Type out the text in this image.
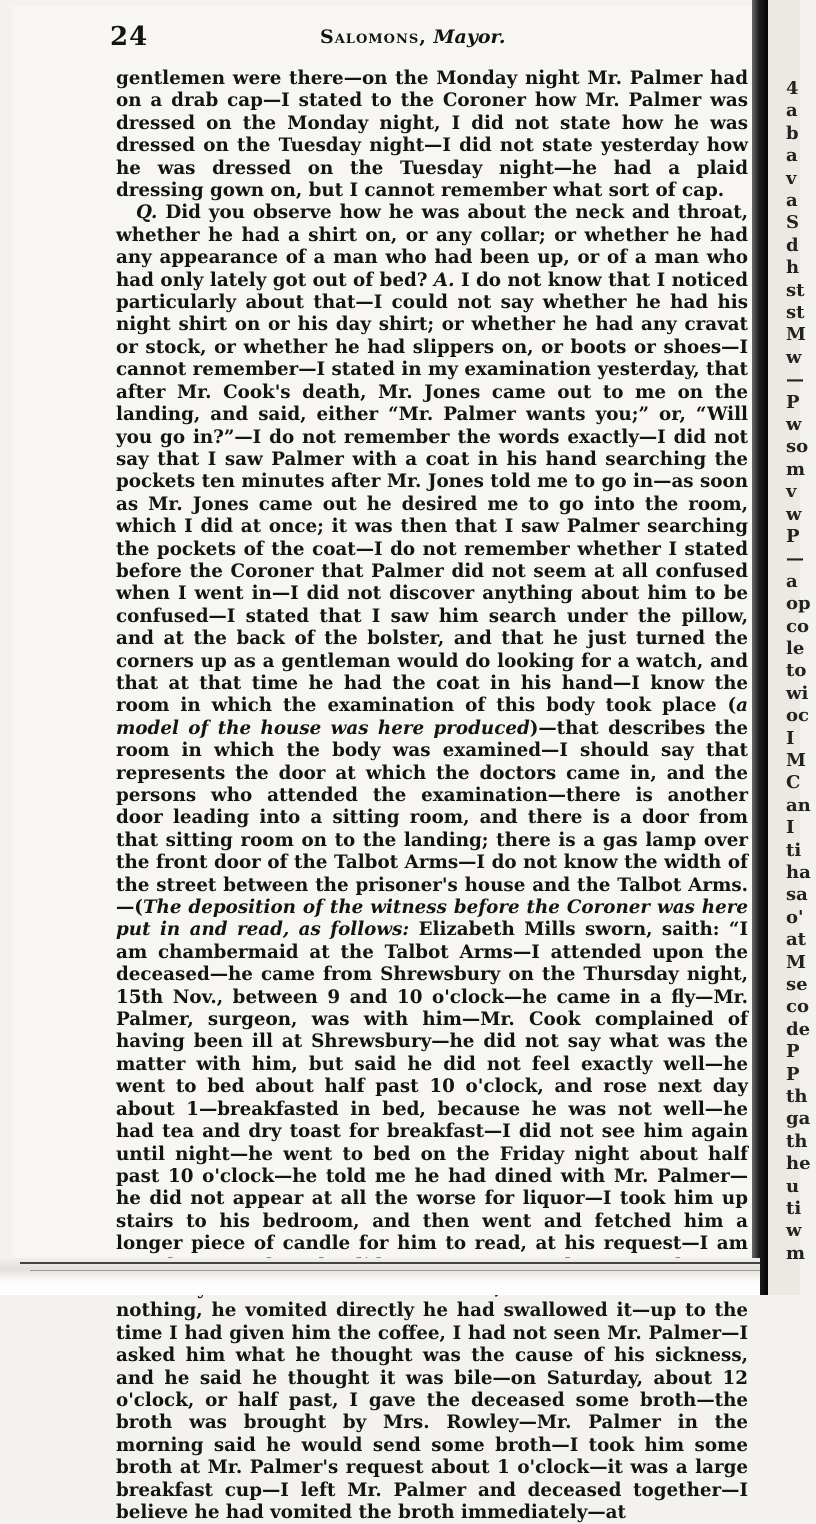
24	Salomons, Mayor.

gentlemen were there—on the Monday night Mr. Palmer had on a drab cap—I stated to the Coroner how Mr. Palmer was dressed on the Monday night, I did not state how he was dressed on the Tuesday night—I did not state yesterday how he was dressed on the Tuesday night—he had a plaid dressing gown on, but I cannot remember what sort of cap.

Q. Did you observe how he was about the neck and throat, whether he had a shirt on, or any collar; or whether he had any appearance of a man who had been up, or of a man who had only lately got out of bed? A. I do not know that I noticed particularly about that—I could not say whether he had his night shirt on or his day shirt; or whether he had any cravat or stock, or whether he had slippers on, or boots or shoes—I cannot remember—I stated in my examination yesterday, that after Mr. Cook's death, Mr. Jones came out to me on the landing, and said, either “Mr. Palmer wants you;” or, “Will you go in?”—I do not remember the words exactly—I did not say that I saw Palmer with a coat in his hand searching the pockets ten minutes after Mr. Jones told me to go in—as soon as Mr. Jones came out he desired me to go into the room, which I did at once; it was then that I saw Palmer searching the pockets of the coat—I do not remember whether I stated before the Coroner that Palmer did not seem at all confused when I went in—I did not discover anything about him to be confused—I stated that I saw him search under the pillow, and at the back of the bolster, and that he just turned the corners up as a gentleman would do looking for a watch, and that at that time he had the coat in his hand—I know the room in which the examination of this body took place (a model of the house was here produced)—that describes the room in which the body was examined—I should say that represents the door at which the doctors came in, and the persons who attended the examination—there is another door leading into a sitting room, and there is a door from that sitting room on to the landing; there is a gas lamp over the front door of the Talbot Arms—I do not know the width of the street between the prisoner's house and the Talbot Arms.—(The deposition of the witness before the Coroner was here put in and read, as follows: Elizabeth Mills sworn, saith: “I am chambermaid at the Talbot Arms—I attended upon the deceased—he came from Shrewsbury on the Thursday night, 15th Nov., between 9 and 10 o'clock—he came in a fly—Mr. Palmer, surgeon, was with him—Mr. Cook complained of having been ill at Shrewsbury—he did not say what was the matter with him, but said he did not feel exactly well—he went to bed about half past 10 o'clock, and rose next day about 1—breakfasted in bed, because he was not well—he had tea and dry toast for breakfast—I did not see him again until night—he went to bed on the Friday night about half past 10 o'clock—he told me he had dined with Mr. Palmer—he did not appear at all the worse for liquor—I took him up stairs to his bedroom, and then went and fetched him a longer piece of candle for him to read, at his request—I am nothing, he vomited directly he had swallowed it—up to the time I had given him the coffee, I had not seen Mr. Palmer—I asked him what he thought was the cause of his sickness, and he said he thought it was bile—on Saturday, about 12 o'clock, or half past, I gave the deceased some broth—the broth was brought by Mrs. Rowley—Mr. Palmer in the morning said he would send some broth—I took him some broth at Mr. Palmer's request about 1 o'clock—it was a large breakfast cup—I left Mr. Palmer and deceased together—I believe he had vomited the broth immediately—at

4
a
b
a
v
a
S
d
h
st
st
M
w
—
P
w
so
m
v
w
P
—
a
op
co
le
to
wi
oc
I
M
C
an
I
ti
ha
sa
o'
at
M
se
co
de
P
P
th
ga
th
he
u
ti
w
m
